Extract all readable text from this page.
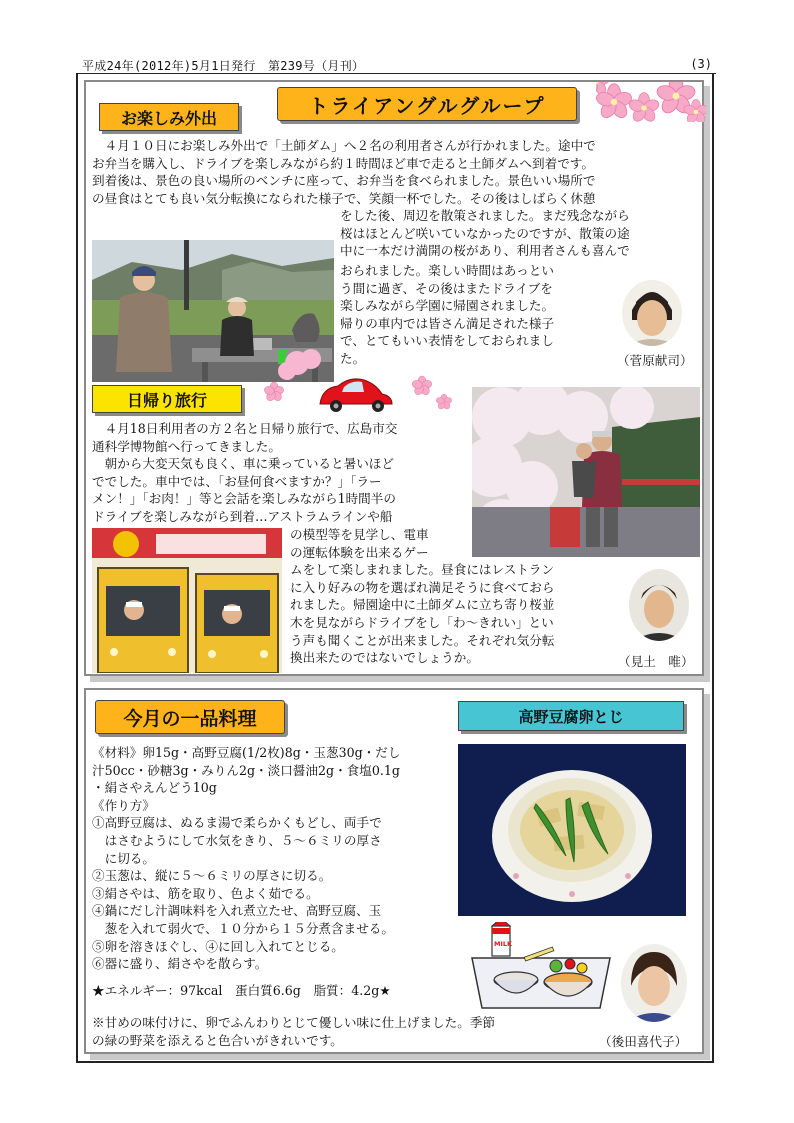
平成24年(2012年)5月1日発行　第239号（月刊）	(3)
トライアングルグループ
お楽しみ外出
　４月１０日にお楽しみ外出で「土師ダム」へ２名の利用者さんが行かれました。途中で
お弁当を購入し、ドライブを楽しみながら約１時間ほど車で走ると土師ダムへ到着です。
到着後は、景色の良い場所のベンチに座って、お弁当を食べられました。景色いい場所で
の昼食はとても良い気分転換になられた様子で、笑顔一杯でした。その後はしばらく休憩
をした後、周辺を散策されました。まだ残念ながら
桜はほとんど咲いていなかったのですが、散策の途
中に一本だけ満開の桜があり、利用者さんも喜んで
おられました。楽しい時間はあっとい
う間に過ぎ、その後はまたドライブを
楽しみながら学園に帰園されました。
帰りの車内では皆さん満足された様子
で、とてもいい表情をしておられまし
た。	（菅原献司）
日帰り旅行
　４月18日利用者の方２名と日帰り旅行で、広島市交
通科学博物館へ行ってきました。
　朝から大変天気も良く、車に乗っていると暑いほど
ででした。車中では、「お昼何食べますか？」「ラー
メン！」「お肉！」等と会話を楽しみながら1時間半の
ドライブを楽しみながら到着…アストラムラインや船
の模型等を見学し、電車
の運転体験を出来るゲー
ムをして楽しまれました。昼食にはレストラン
に入り好みの物を選ばれ満足そうに食べておら
れました。帰園途中に土師ダムに立ち寄り桜並
木を見ながらドライブをし「わ～きれい」とい
う声も聞くことが出来ました。それぞれ気分転
換出来たのではないでしょうか。	（見土　唯）
今月の一品料理	高野豆腐卵とじ
《材料》卵15g・高野豆腐(1/2枚)8g・玉葱30g・だし
汁50cc・砂糖3g・みりん2g・淡口醤油2g・食塩0.1g
・絹さやえんどう10g
《作り方》
①高野豆腐は、ぬるま湯で柔らかくもどし、両手で
　はさむようにして水気をきり、５～６ミリの厚さ
　に切る。
②玉葱は、縦に５～６ミリの厚さに切る。
③絹さやは、筋を取り、色よく茹でる。
④鍋にだし汁調味料を入れ煮立たせ、高野豆腐、玉
　葱を入れて弱火で、１０分から１５分煮含ませる。
⑤卵を溶きほぐし、④に回し入れてとじる。
⑥器に盛り、絹さやを散らす。
★エネルギー：97kcal　蛋白質6.6g　脂質：4.2g★
※甘めの味付けに、卵でふんわりとじて優しい味に仕上げました。季節
の緑の野菜を添えると色合いがきれいです。
MILK
（後田喜代子）
